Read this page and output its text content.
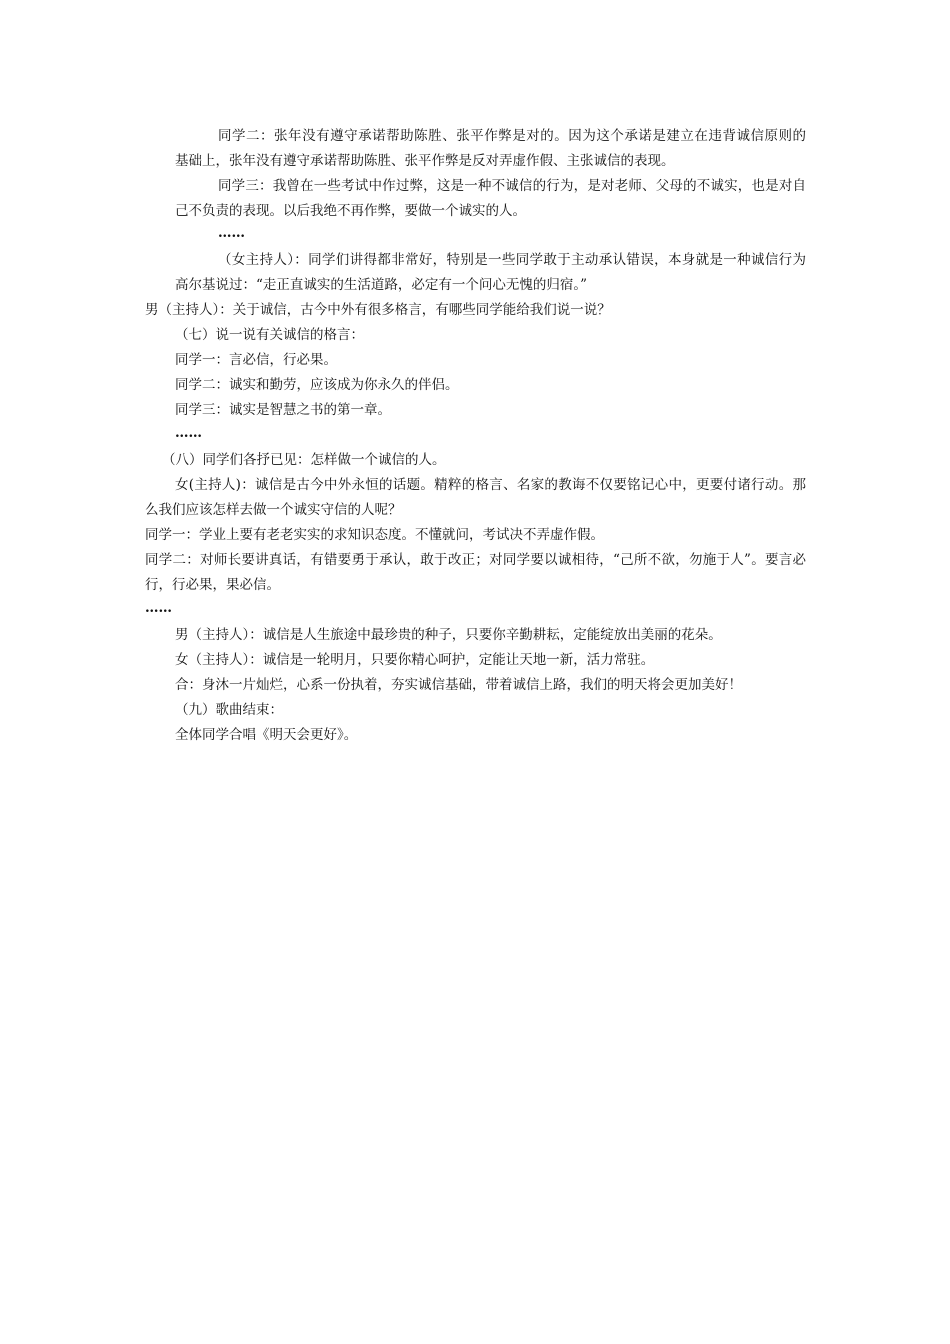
同学二：张年没有遵守承诺帮助陈胜、张平作弊是对的。因为这个承诺是建立在违背诚信原则的
基础上，张年没有遵守承诺帮助陈胜、张平作弊是反对弄虚作假、主张诚信的表现。
同学三：我曾在一些考试中作过弊，这是一种不诚信的行为，是对老师、父母的不诚实，也是对自
己不负责的表现。以后我绝不再作弊，要做一个诚实的人。
……
（女主持人）：同学们讲得都非常好，特别是一些同学敢于主动承认错误，本身就是一种诚信行为
高尔基说过：“走正直诚实的生活道路，必定有一个问心无愧的归宿。”
男（主持人）：关于诚信，古今中外有很多格言，有哪些同学能给我们说一说？
（七）说一说有关诚信的格言：
同学一：言必信，行必果。
同学二：诚实和勤劳，应该成为你永久的伴侣。
同学三：诚实是智慧之书的第一章。
……
（八）同学们各抒已见：怎样做一个诚信的人。
女(主持人)：诚信是古今中外永恒的话题。精粹的格言、名家的教诲不仅要铭记心中，更要付诸行动。那
么我们应该怎样去做一个诚实守信的人呢？
同学一：学业上要有老老实实的求知识态度。不懂就问，考试决不弄虚作假。
同学二：对师长要讲真话，有错要勇于承认，敢于改正；对同学要以诚相待，“己所不欲，勿施于人”。要言必
行，行必果，果必信。
……
男（主持人）：诚信是人生旅途中最珍贵的种子，只要你辛勤耕耘，定能绽放出美丽的花朵。
女（主持人）：诚信是一轮明月，只要你精心呵护，定能让天地一新，活力常驻。
合：身沐一片灿烂，心系一份执着，夯实诚信基础，带着诚信上路，我们的明天将会更加美好！
（九）歌曲结束：
全体同学合唱《明天会更好》。
